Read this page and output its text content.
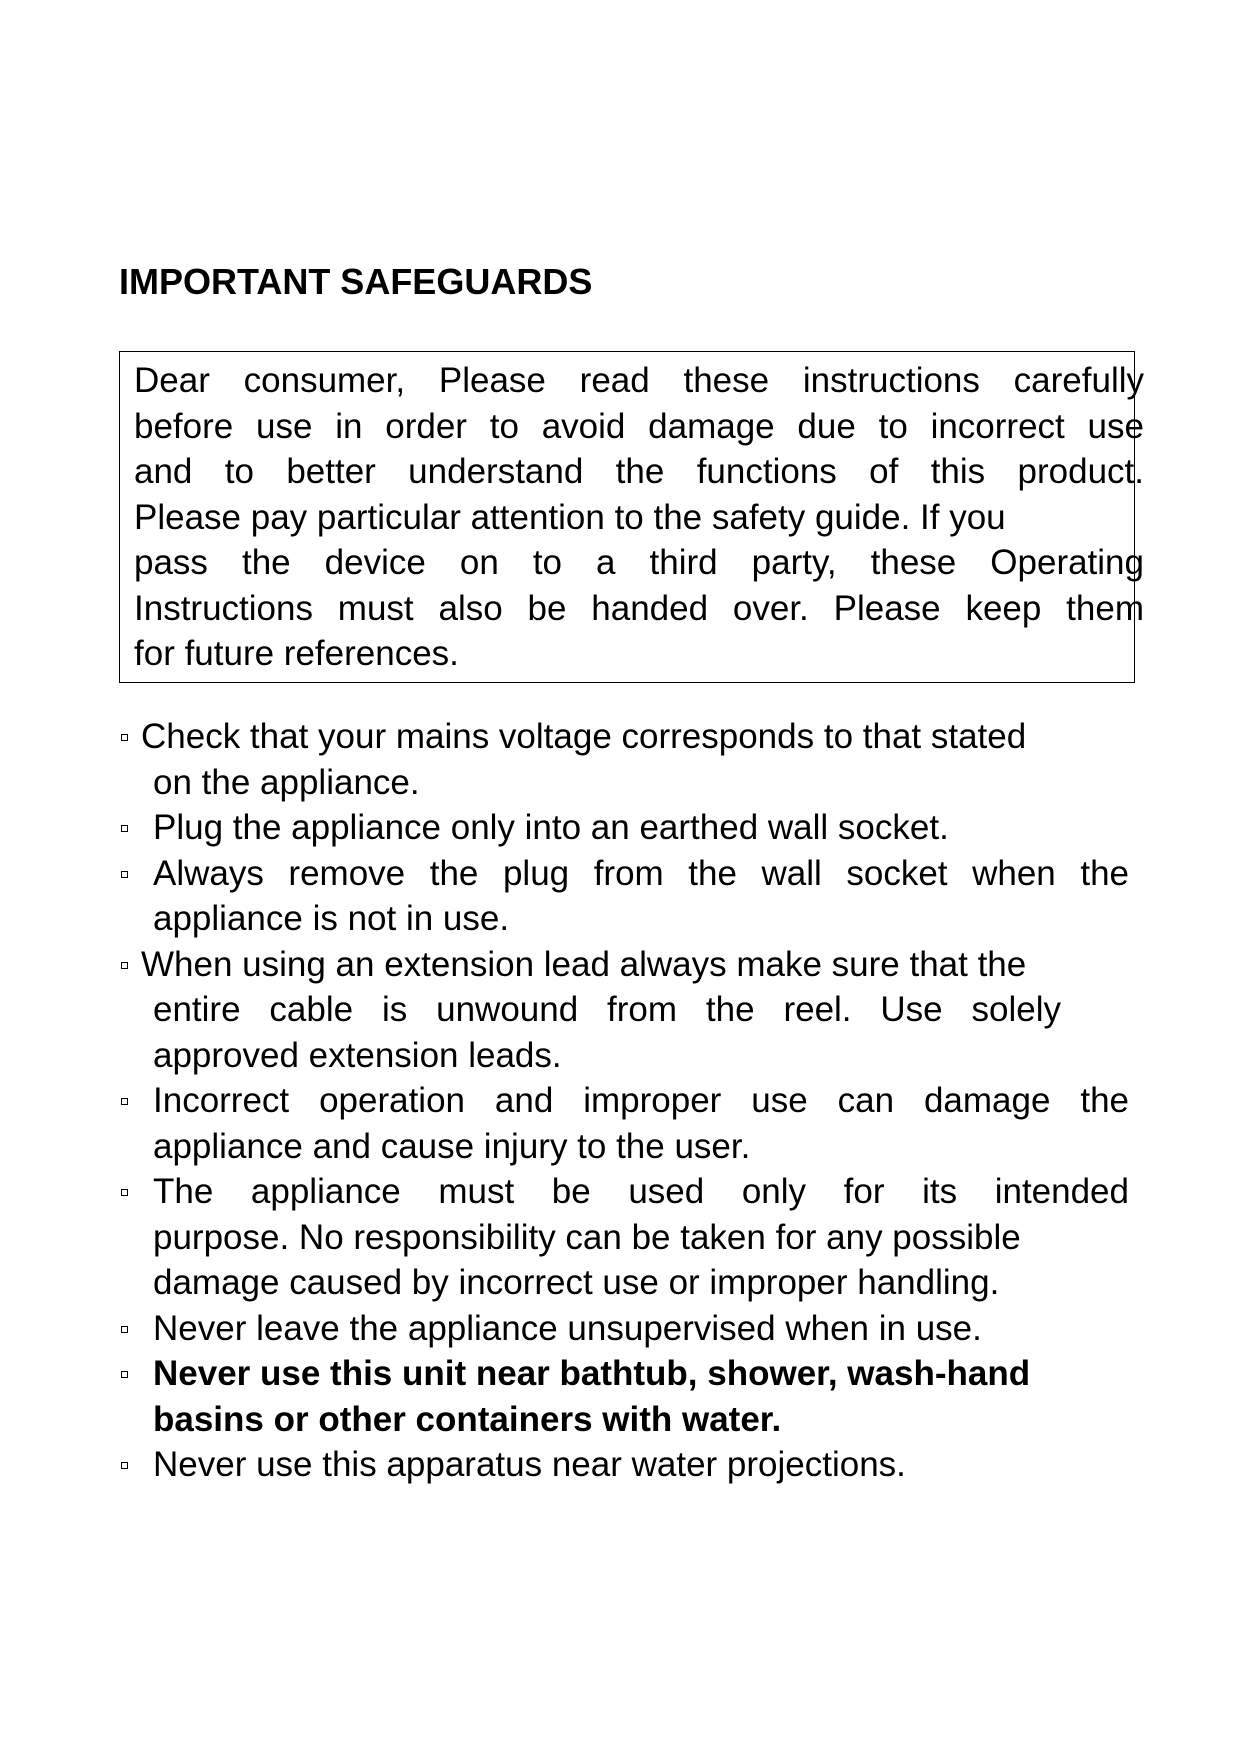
IMPORTANT SAFEGUARDS

Dear consumer, Please read these instructions carefully
before use in order to avoid damage due to incorrect use
and to better understand the functions of this product.
Please pay particular attention to the safety guide. If you
pass the device on to a third party, these Operating
Instructions must also be handed over. Please keep them
for future references.

Check that your mains voltage corresponds to that stated
on the appliance.
Plug the appliance only into an earthed wall socket.
Always remove the plug from the wall socket when the
appliance is not in use.
When using an extension lead always make sure that the
entire cable is unwound from the reel. Use solely
approved extension leads.
Incorrect operation and improper use can damage the
appliance and cause injury to the user.
The appliance must be used only for its intended
purpose. No responsibility can be taken for any possible
damage caused by incorrect use or improper handling.
Never leave the appliance unsupervised when in use.
Never use this unit near bathtub, shower, wash-hand
basins or other containers with water.
Never use this apparatus near water projections.
